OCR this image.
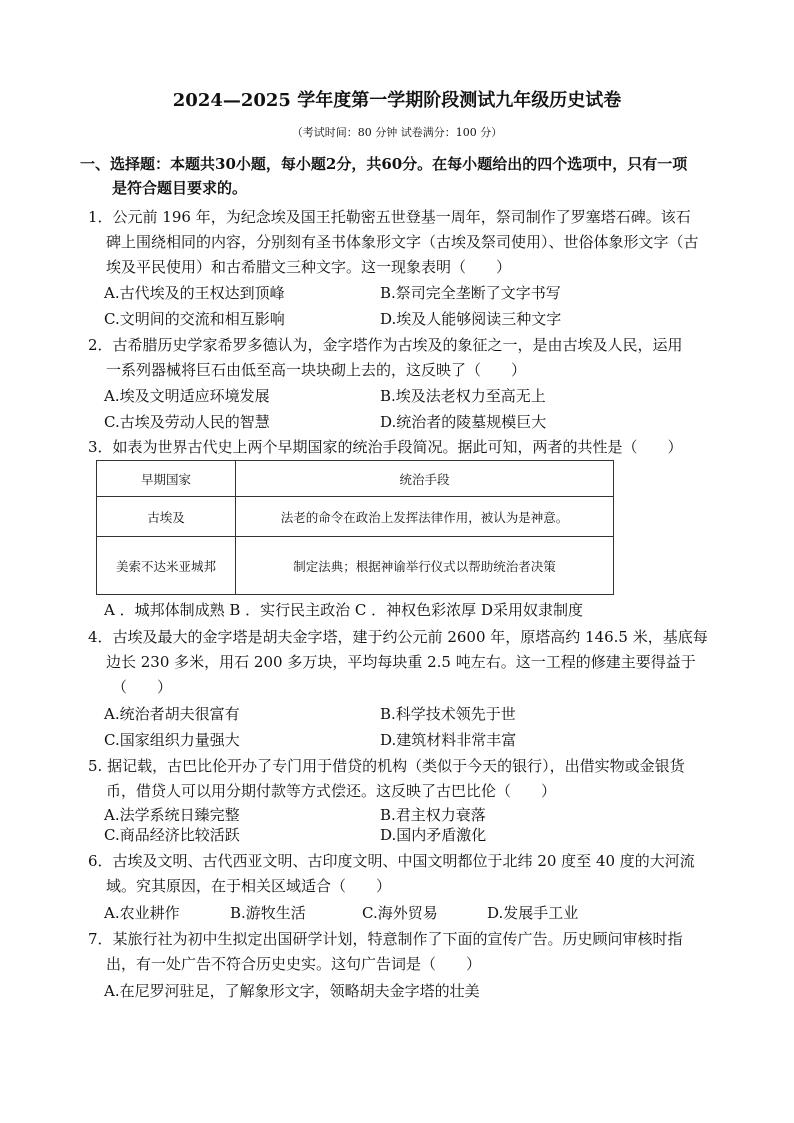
2024—2025 学年度第一学期阶段测试九年级历史试卷
（考试时间：80 分钟 试卷满分：100 分）
一、选择题：本题共30小题，每小题2分，共60分。在每小题给出的四个选项中，只有一项
是符合题目要求的。
1．公元前 196 年，为纪念埃及国王托勒密五世登基一周年，祭司制作了罗塞塔石碑。该石
碑上围绕相同的内容，分别刻有圣书体象形文字（古埃及祭司使用）、世俗体象形文字（古
埃及平民使用）和古希腊文三种文字。这一现象表明（　　）
A.古代埃及的王权达到顶峰	B.祭司完全垄断了文字书写
C.文明间的交流和相互影响	D.埃及人能够阅读三种文字
2．古希腊历史学家希罗多德认为，金字塔作为古埃及的象征之一，是由古埃及人民，运用
一系列器械将巨石由低至高一块块砌上去的，这反映了（　　）
A.埃及文明适应环境发展	B.埃及法老权力至高无上
C.古埃及劳动人民的智慧	D.统治者的陵墓规模巨大
3．如表为世界古代史上两个早期国家的统治手段简况。据此可知，两者的共性是（　　）
早期国家	统治手段
古埃及	法老的命令在政治上发挥法律作用，被认为是神意。
美索不达米亚城邦	制定法典；根据神谕举行仪式以帮助统治者决策
A ．城邦体制成熟 B ．实行民主政治 C ．神权色彩浓厚 D采用奴隶制度
4．古埃及最大的金字塔是胡夫金字塔，建于约公元前 2600 年，原塔高约 146.5 米，基底每
边长 230 多米，用石 200 多万块，平均每块重 2.5 吨左右。这一工程的修建主要得益于
（　　）
A.统治者胡夫很富有	B.科学技术领先于世
C.国家组织力量强大	D.建筑材料非常丰富
5. 据记载，古巴比伦开办了专门用于借贷的机构（类似于今天的银行），出借实物或金银货
币，借贷人可以用分期付款等方式偿还。这反映了古巴比伦（　　）
A.法学系统日臻完整	B.君主权力衰落
C.商品经济比较活跃	D.国内矛盾激化
6．古埃及文明、古代西亚文明、古印度文明、中国文明都位于北纬 20 度至 40 度的大河流
域。究其原因，在于相关区域适合（　　）
A.农业耕作	B.游牧生活	C.海外贸易	D.发展手工业
7．某旅行社为初中生拟定出国研学计划，特意制作了下面的宣传广告。历史顾问审核时指
出，有一处广告不符合历史史实。这句广告词是（　　）
A.在尼罗河驻足，了解象形文字，领略胡夫金字塔的壮美
